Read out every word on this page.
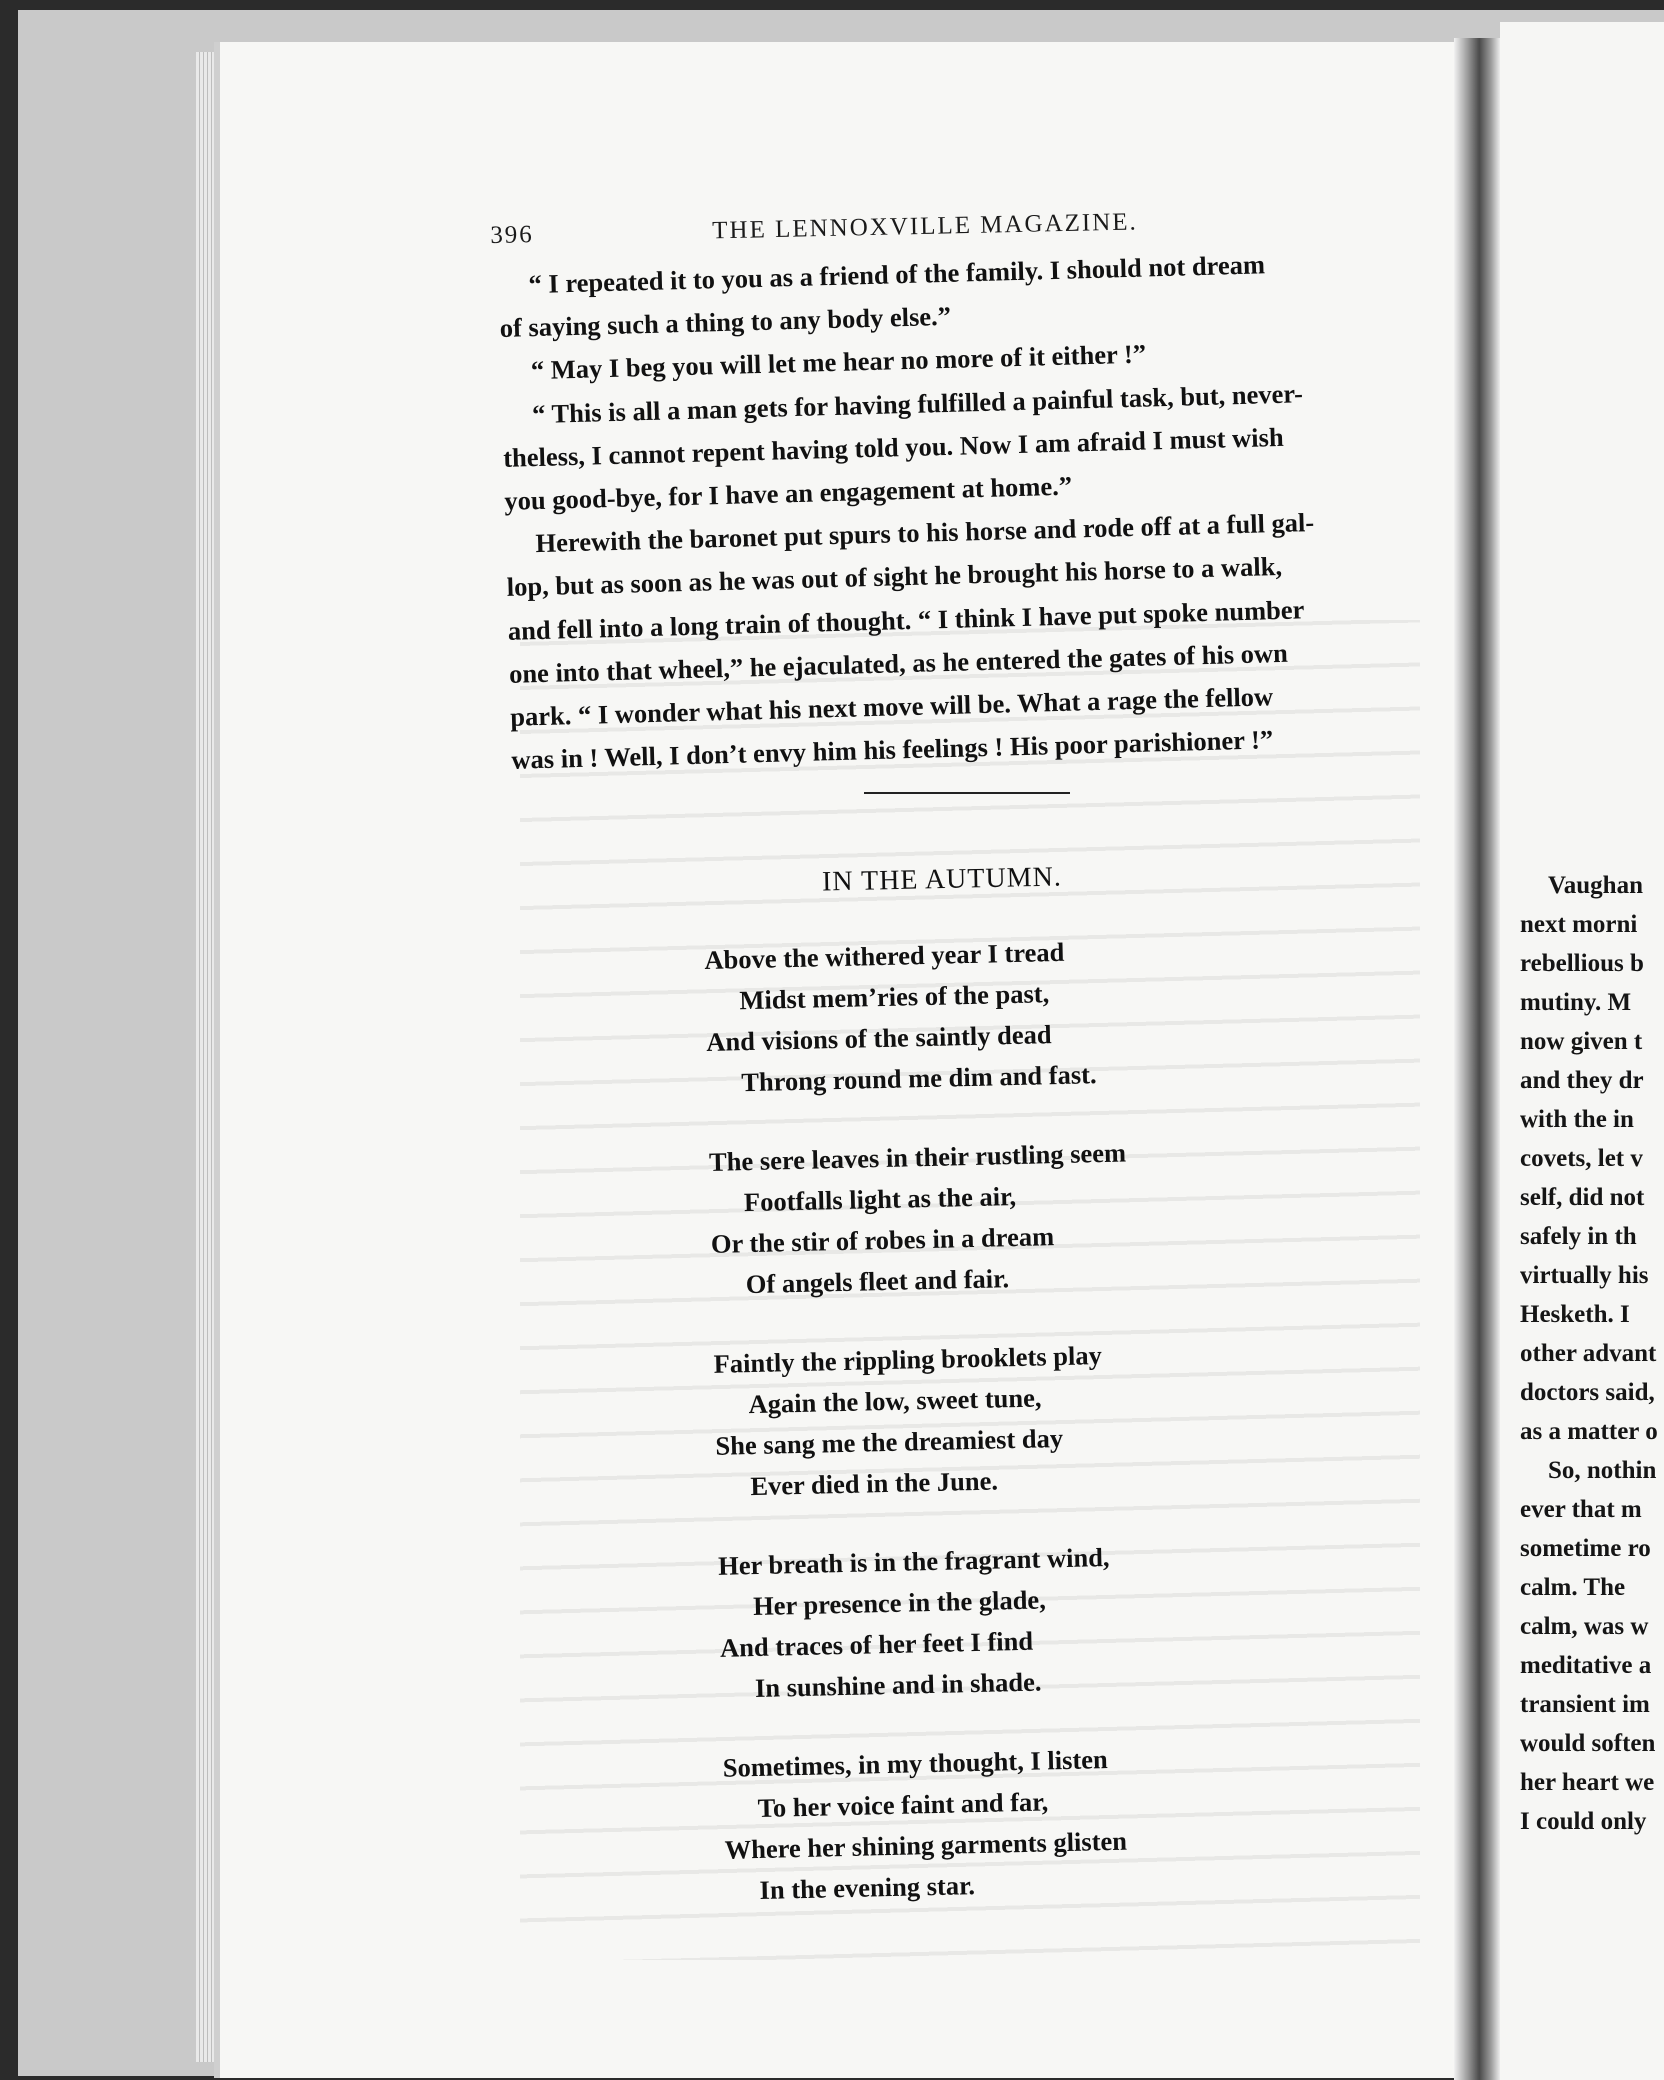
396	THE LENNOXVILLE MAGAZINE.
“ I repeated it to you as a friend of the family. I should not dream
of saying such a thing to any body else.”
“ May I beg you will let me hear no more of it either !”
“ This is all a man gets for having fulfilled a painful task, but, never-
theless, I cannot repent having told you. Now I am afraid I must wish
you good-bye, for I have an engagement at home.”
Herewith the baronet put spurs to his horse and rode off at a full gal-
lop, but as soon as he was out of sight he brought his horse to a walk,
and fell into a long train of thought. “ I think I have put spoke number
one into that wheel,” he ejaculated, as he entered the gates of his own
park. “ I wonder what his next move will be. What a rage the fellow
was in ! Well, I don’t envy him his feelings ! His poor parishioner !”
IN THE AUTUMN.
Above the withered year I tread
Midst mem’ries of the past,
And visions of the saintly dead
Throng round me dim and fast.
The sere leaves in their rustling seem
Footfalls light as the air,
Or the stir of robes in a dream
Of angels fleet and fair.
Faintly the rippling brooklets play
Again the low, sweet tune,
She sang me the dreamiest day
Ever died in the June.
Her breath is in the fragrant wind,
Her presence in the glade,
And traces of her feet I find
In sunshine and in shade.
Sometimes, in my thought, I listen
To her voice faint and far,
Where her shining garments glisten
In the evening star.
Vaughan
next morni
rebellious b
mutiny. M
now given t
and they dr
with the in
covets, let v
self, did not
safely in th
virtually his
Hesketh. I
other advant
doctors said,
as a matter o
So, nothin
ever that m
sometime ro
calm. The
calm, was w
meditative a
transient im
would soften
her heart we
I could only
